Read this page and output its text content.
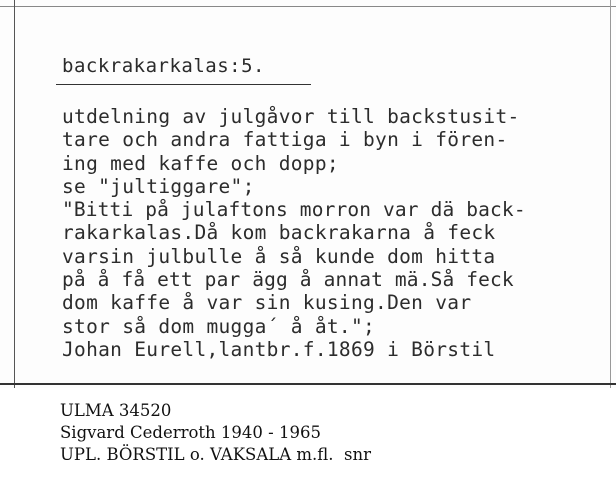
backrakarkalas:5.
utdelning av julgåvor till backstusit-
tare och andra fattiga i byn i fören-
ing med kaffe och dopp;
se "jultiggare";
"Bitti på julaftons morron var dä back-
rakarkalas.Då kom backrakarna å feck
varsin julbulle å så kunde dom hitta
på å få ett par ägg å annat mä.Så feck
dom kaffe å var sin kusing.Den var
stor så dom mugga´ å åt.";
Johan Eurell,lantbr.f.1869 i Börstil
ULMA 34520
Sigvard Cederroth 1940 - 1965
UPL. BÖRSTIL o. VAKSALA m.fl.  snr
